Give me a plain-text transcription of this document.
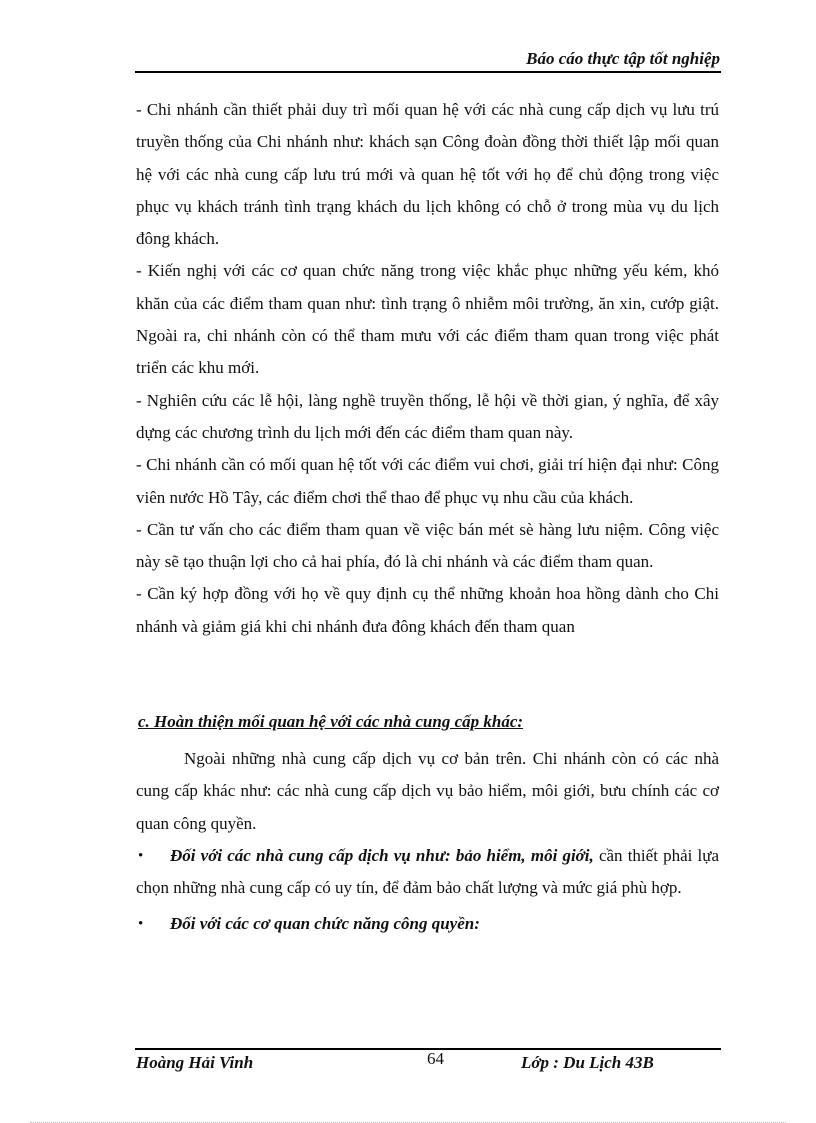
Báo cáo thực tập tốt nghiệp

- Chi nhánh cần thiết phải duy trì mối quan hệ với các nhà cung cấp dịch vụ lưu trú truyền thống của Chi nhánh như: khách sạn Công đoàn đồng thời thiết lập mối quan hệ với các nhà cung cấp lưu trú mới và quan hệ tốt với họ để chủ động trong việc phục vụ khách tránh tình trạng khách du lịch không có chỗ ở trong mùa vụ du lịch đông khách.

- Kiến nghị với các cơ quan chức năng trong việc khắc phục những yếu kém, khó khăn của các điểm tham quan như: tình trạng ô nhiễm môi trường, ăn xin, cướp giật. Ngoài ra, chi nhánh còn có thể tham mưu với các điểm tham quan trong việc phát triển các khu mới.

- Nghiên cứu các lễ hội, làng nghề truyền thống, lễ hội về thời gian, ý nghĩa, để xây dựng các chương trình du lịch mới đến các điểm tham quan này.

- Chi nhánh cần có mối quan hệ tốt với các điểm vui chơi, giải trí hiện đại như: Công viên nước Hồ Tây, các điểm chơi thể thao để phục vụ nhu cầu của khách.

- Cần tư vấn cho các điểm tham quan về việc bán mét sè hàng lưu niệm. Công việc này sẽ tạo thuận lợi cho cả hai phía, đó là chi nhánh và các điểm tham quan.

- Cần ký hợp đồng với họ về quy định cụ thể những khoản hoa hồng dành cho Chi nhánh và giảm giá khi chi nhánh đưa đông khách đến tham quan

c. Hoàn thiện mối quan hệ với các nhà cung cấp khác:

Ngoài những nhà cung cấp dịch vụ cơ bản trên. Chi nhánh còn có các nhà cung cấp khác như: các nhà cung cấp dịch vụ bảo hiểm, môi giới, bưu chính các cơ quan công quyền.

• Đối với các nhà cung cấp dịch vụ như: bảo hiểm, môi giới, cần thiết phải lựa chọn những nhà cung cấp có uy tín, để đảm bảo chất lượng và mức giá phù hợp.

• Đối với các cơ quan chức năng công quyền:

Hoàng Hải Vinh	64	Lớp : Du Lịch 43B
